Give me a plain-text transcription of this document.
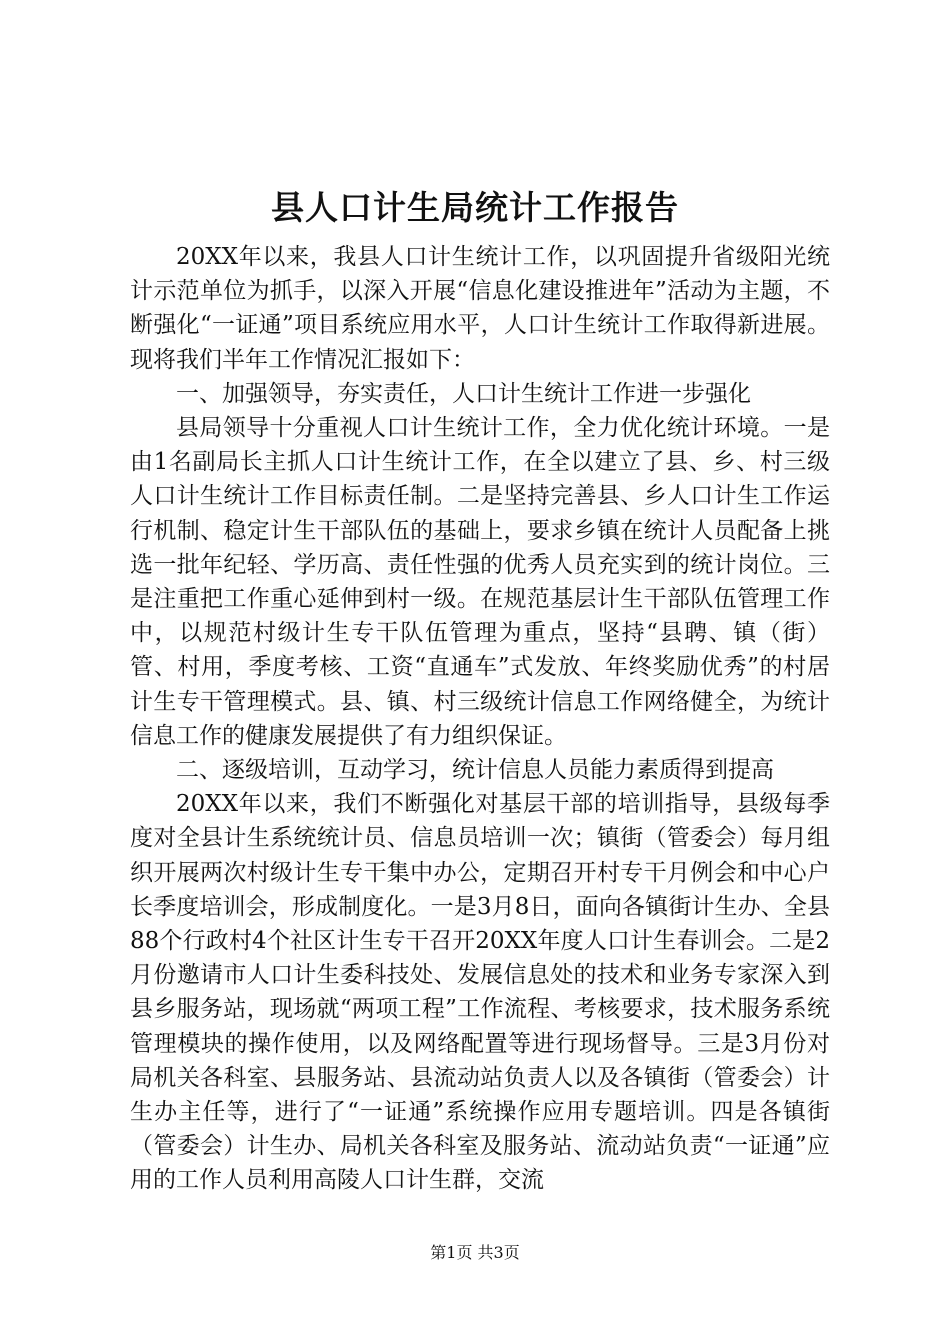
县人口计生局统计工作报告

20XX年以来，我县人口计生统计工作，以巩固提升省级阳光统计示范单位为抓手，以深入开展“信息化建设推进年”活动为主题，不断强化“一证通”项目系统应用水平，人口计生统计工作取得新进展。现将我们半年工作情况汇报如下：

一、加强领导，夯实责任，人口计生统计工作进一步强化

县局领导十分重视人口计生统计工作，全力优化统计环境。一是由1名副局长主抓人口计生统计工作，在全以建立了县、乡、村三级人口计生统计工作目标责任制。二是坚持完善县、乡人口计生工作运行机制、稳定计生干部队伍的基础上，要求乡镇在统计人员配备上挑选一批年纪轻、学历高、责任性强的优秀人员充实到的统计岗位。三是注重把工作重心延伸到村一级。在规范基层计生干部队伍管理工作中，以规范村级计生专干队伍管理为重点，坚持“县聘、镇（街）管、村用，季度考核、工资“直通车”式发放、年终奖励优秀”的村居计生专干管理模式。县、镇、村三级统计信息工作网络健全，为统计信息工作的健康发展提供了有力组织保证。

二、逐级培训，互动学习，统计信息人员能力素质得到提高

20XX年以来，我们不断强化对基层干部的培训指导，县级每季度对全县计生系统统计员、信息员培训一次；镇街（管委会）每月组织开展两次村级计生专干集中办公，定期召开村专干月例会和中心户长季度培训会，形成制度化。一是3月8日，面向各镇街计生办、全县88个行政村4个社区计生专干召开20XX年度人口计生春训会。二是2月份邀请市人口计生委科技处、发展信息处的技术和业务专家深入到县乡服务站，现场就“两项工程”工作流程、考核要求，技术服务系统管理模块的操作使用，以及网络配置等进行现场督导。三是3月份对局机关各科室、县服务站、县流动站负责人以及各镇街（管委会）计生办主任等，进行了“一证通”系统操作应用专题培训。四是各镇街（管委会）计生办、局机关各科室及服务站、流动站负责“一证通”应用的工作人员利用高陵人口计生群，交流

第1页 共3页
